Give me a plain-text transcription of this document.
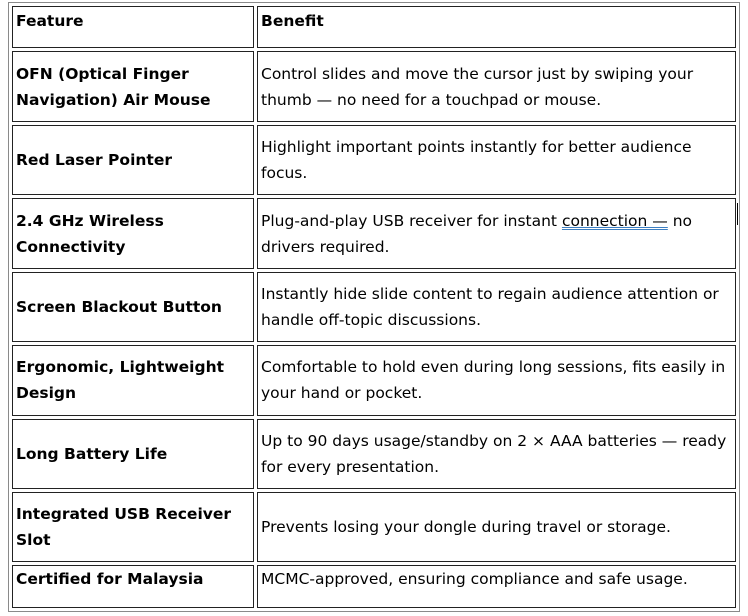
Feature	Benefit
OFN (Optical Finger Navigation) Air Mouse	Control slides and move the cursor just by swiping your thumb — no need for a touchpad or mouse.
Red Laser Pointer	Highlight important points instantly for better audience focus.
2.4 GHz Wireless Connectivity	Plug-and-play USB receiver for instant connection — no drivers required.
Screen Blackout Button	Instantly hide slide content to regain audience attention or handle off-topic discussions.
Ergonomic, Lightweight Design	Comfortable to hold even during long sessions, fits easily in your hand or pocket.
Long Battery Life	Up to 90 days usage/standby on 2 × AAA batteries — ready for every presentation.
Integrated USB Receiver Slot	Prevents losing your dongle during travel or storage.
Certified for Malaysia	MCMC-approved, ensuring compliance and safe usage.
